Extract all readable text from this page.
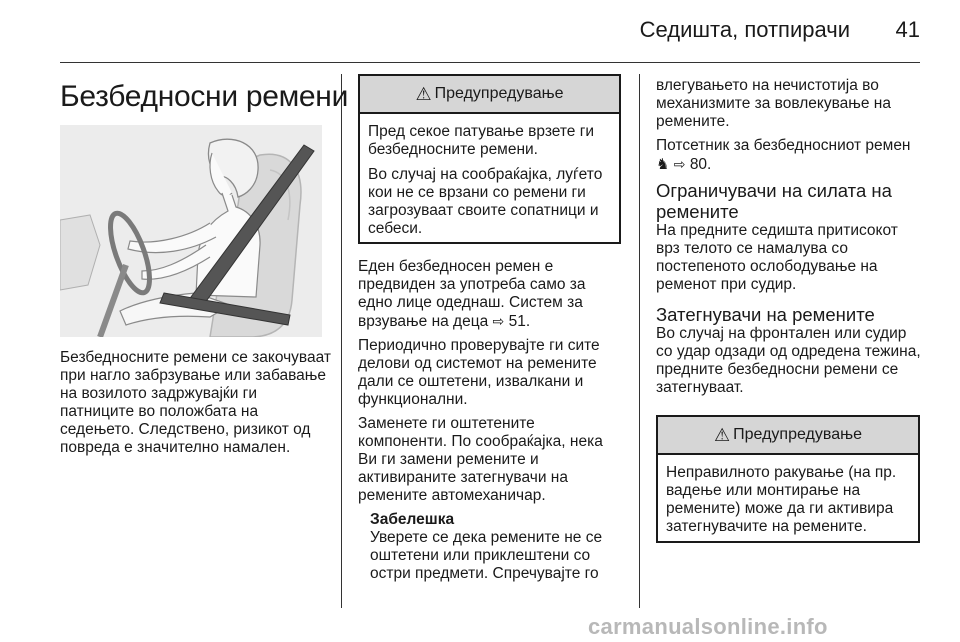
Седишта, потпирачи	41
Безбедносни ремени

Безбедносните ремени се закочуваат при нагло забрзување или забавање на возилото задржувајќи ги патниците во положбата на седењето. Следствено, ризикот од повреда е значително намален.

⚠ Предупредување

Пред секое патување врзете ги безбедносните ремени.

Во случај на сообраќајка, луѓето кои не се врзани со ремени ги загрозуваат своите сопатници и себеси.

Еден безбедносен ремен е предвиден за употреба само за едно лице одеднаш. Систем за врзување на деца ⇨ 51.

Периодично проверувајте ги сите делови од системот на ремените дали се оштетени, извалкани и функционални.

Заменете ги оштетените компоненти. По сообраќајка, нека Ви ги замени ремените и активираните затегнувачи на ремените автомеханичар.

Забелешка
Уверете се дека ремените не се оштетени или приклештени со остри предмети. Спречувајте го

влегувањето на нечистотија во механизмите за вовлекување на ремените.

Потсетник за безбедносниот ремен
♞ ⇨ 80.

Ограничувачи на силата на ремените

На предните седишта притисокот врз телото се намалува со постепеното ослободување на ременот при судир.

Затегнувачи на ремените

Во случај на фронтален или судир со удар одзади од одредена тежина, предните безбедносни ремени се затегнуваат.

⚠ Предупредување

Неправилното ракување (на пр. вадење или монтирање на ремените) може да ги активира затегнувачите на ремените.

carmanualsonline.info
